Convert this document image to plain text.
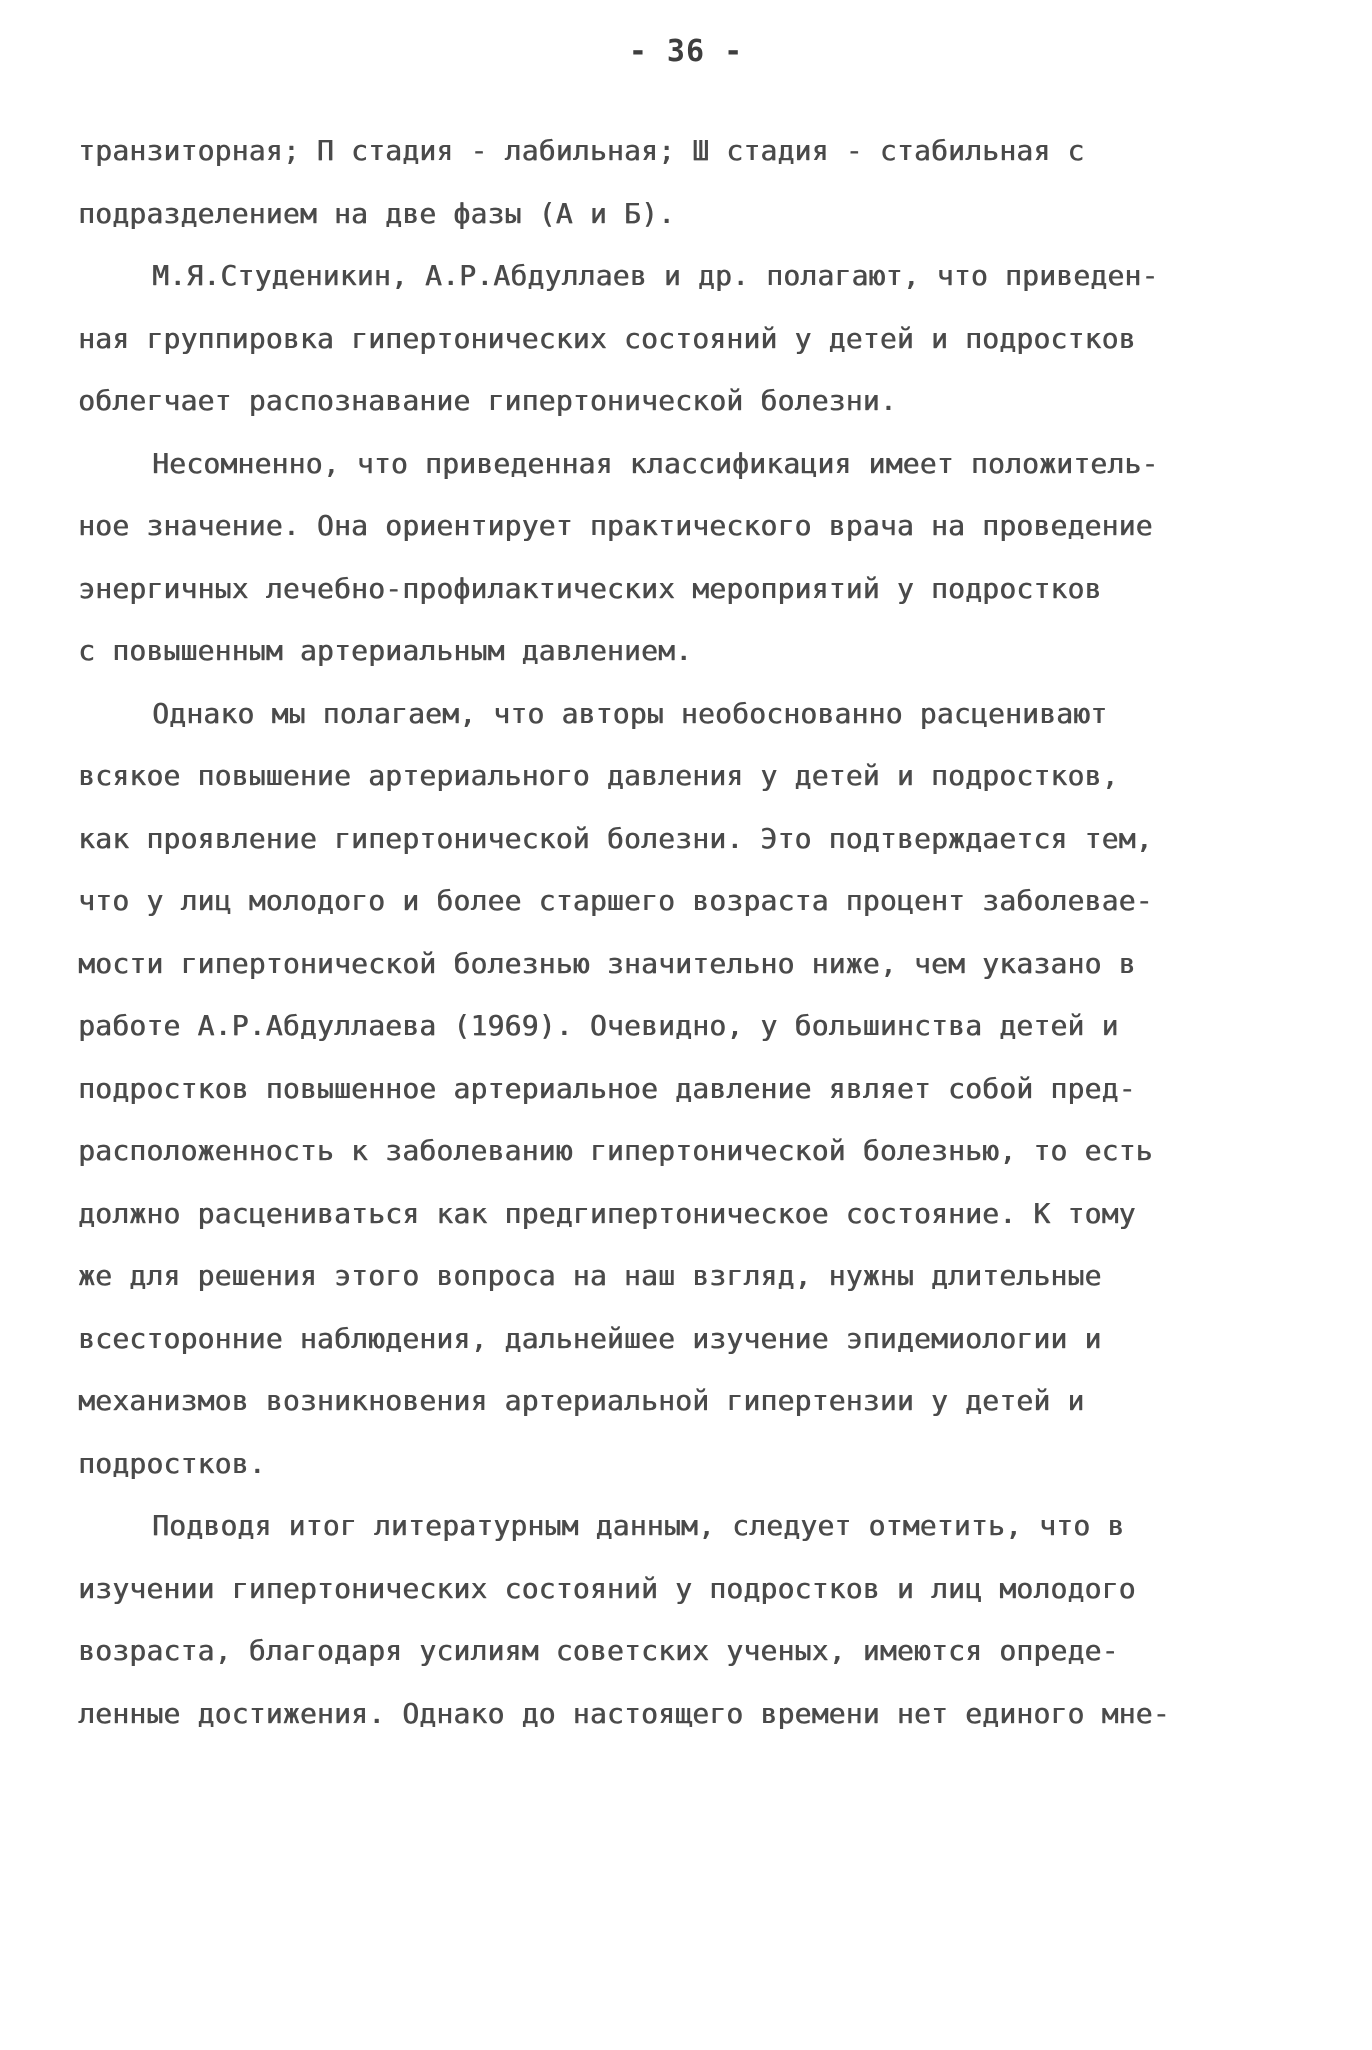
- 36 -
транзиторная; П стадия - лабильная; Ш стадия - стабильная с
подразделением на две фазы (А и Б).
М.Я.Студеникин, А.Р.Абдуллаев и др. полагают, что приведен-
ная группировка гипертонических состояний у детей и подростков
облегчает распознавание гипертонической болезни.
Несомненно, что приведенная классификация имеет положитель-
ное значение. Она ориентирует практического врача на проведение
энергичных лечебно-профилактических мероприятий у подростков
с повышенным артериальным давлением.
Однако мы полагаем, что авторы необоснованно расценивают
всякое повышение артериального давления у детей и подростков,
как проявление гипертонической болезни. Это подтверждается тем,
что у лиц молодого и более старшего возраста процент заболевае-
мости гипертонической болезнью значительно ниже, чем указано в
работе А.Р.Абдуллаева (1969). Очевидно, у большинства детей и
подростков повышенное артериальное давление являет собой пред-
расположенность к заболеванию гипертонической болезнью, то есть
должно расцениваться как предгипертоническое состояние. К тому
же для решения этого вопроса на наш взгляд, нужны длительные
всесторонние наблюдения, дальнейшее изучение эпидемиологии и
механизмов возникновения артериальной гипертензии у детей и
подростков.
Подводя итог литературным данным, следует отметить, что в
изучении гипертонических состояний у подростков и лиц молодого
возраста, благодаря усилиям советских ученых, имеются опреде-
ленные достижения. Однако до настоящего времени нет единого мне-
